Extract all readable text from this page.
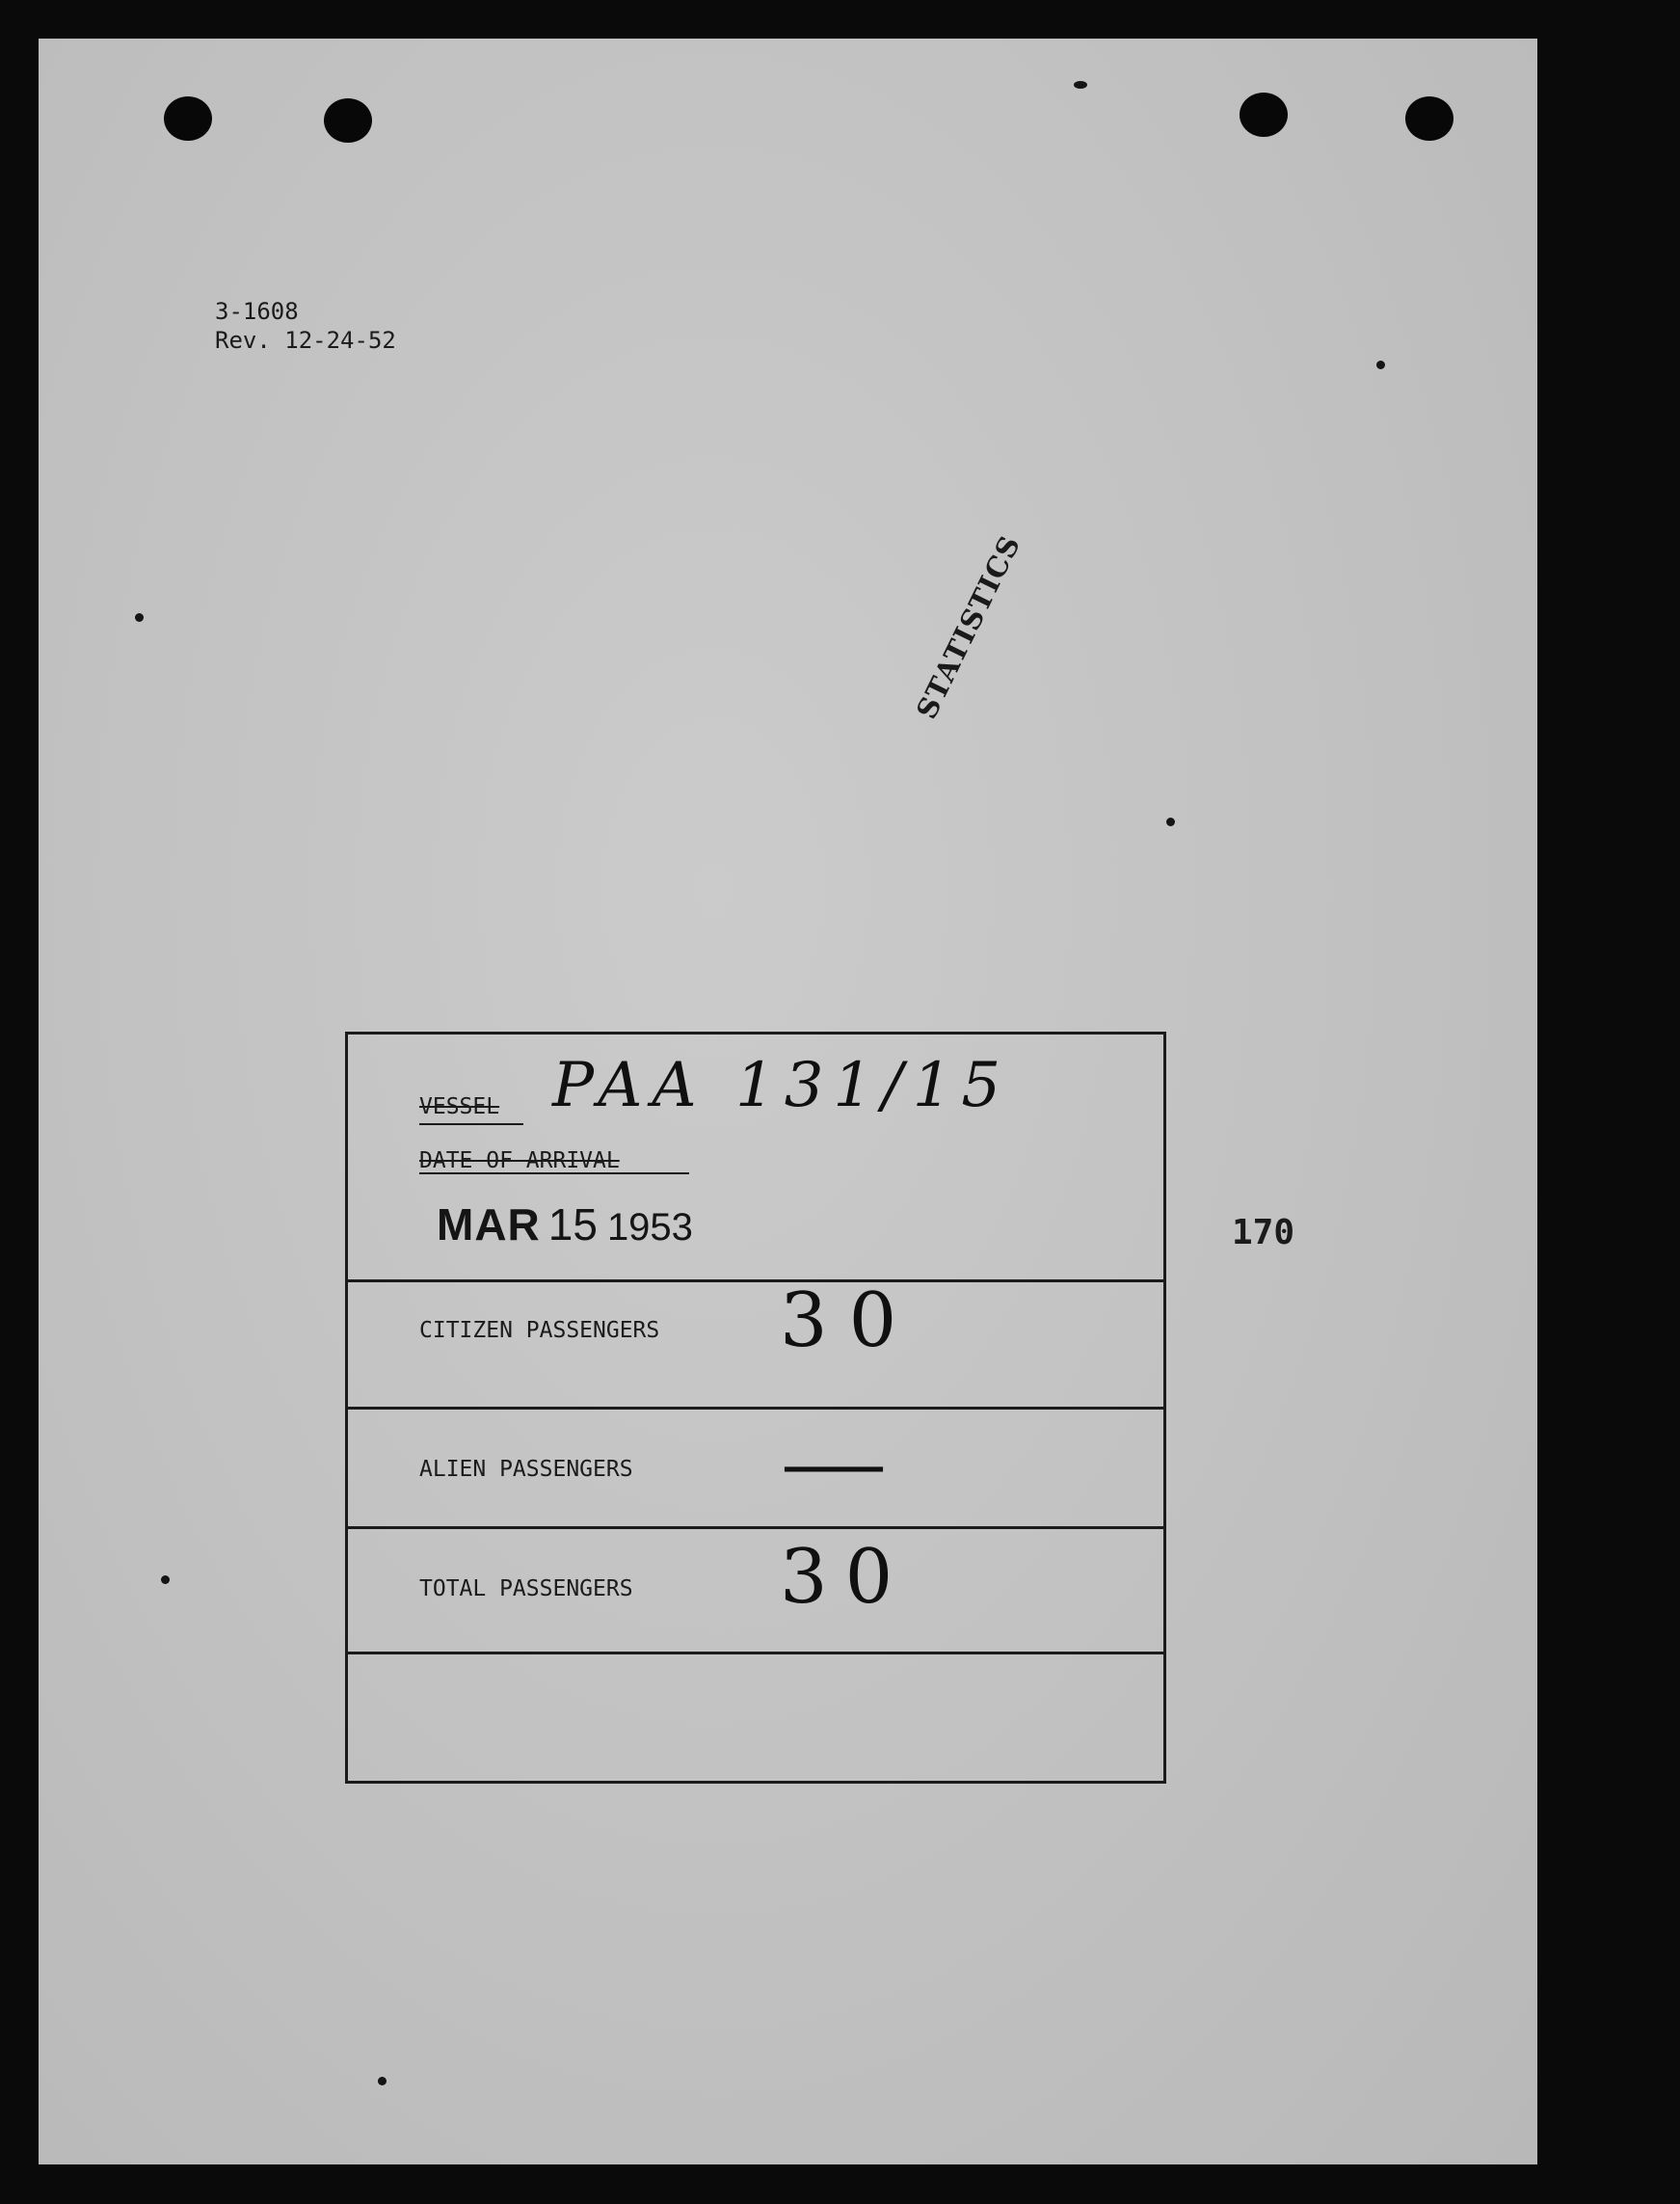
3-1608
Rev. 12-24-52
STATISTICS
170
VESSEL PAA 131/15
DATE OF ARRIVAL
MAR 15 1953
CITIZEN PASSENGERS 30
ALIEN PASSENGERS —
TOTAL PASSENGERS 30
